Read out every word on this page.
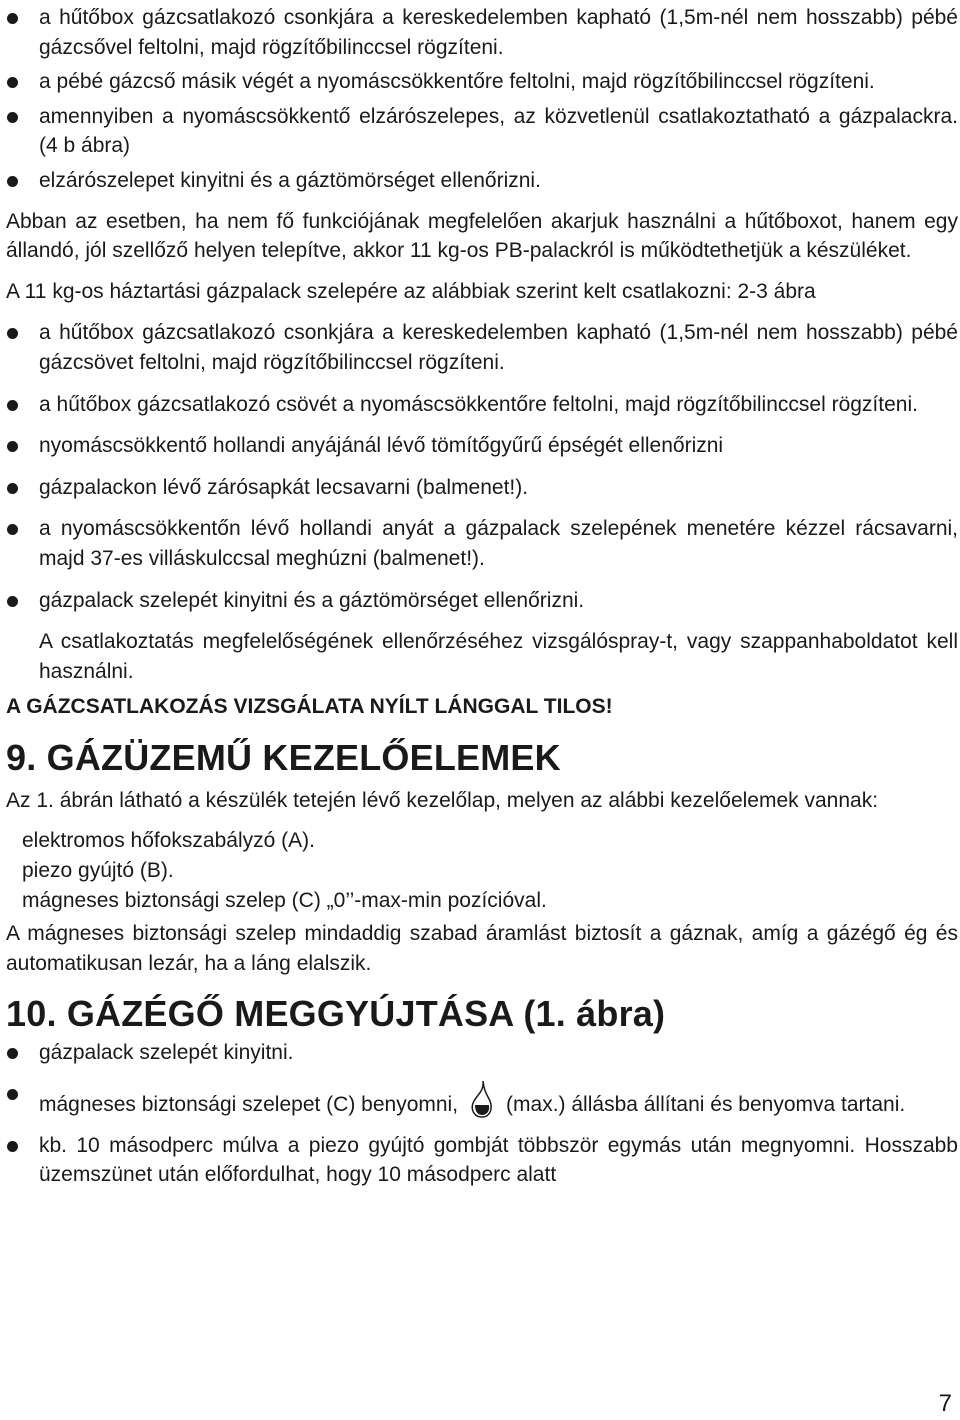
a hűtőbox gázcsatlakozó csonkjára a kereskedelemben kapható (1,5m-nél nem hosszabb) pébé gázcsővel feltolni, majd rögzítőbilinccsel rögzíteni.
a pébé gázcső másik végét a nyomáscsökkentőre feltolni, majd rögzítőbilinccsel rögzíteni.
amennyiben a nyomáscsökkentő elzárószelepes, az közvetlenül csatlakoztatható a gázpalackra. (4 b ábra)
elzárószelepet kinyitni és a gáztömörséget ellenőrizni.

Abban az esetben, ha nem fő funkciójának megfelelően akarjuk használni a hűtőboxot, hanem egy állandó, jól szellőző helyen telepítve, akkor 11 kg-os PB-palackról is működtethetjük a készüléket.

A 11 kg-os háztartási gázpalack szelepére az alábbiak szerint kelt csatlakozni: 2-3 ábra

a hűtőbox gázcsatlakozó csonkjára a kereskedelemben kapható (1,5m-nél nem hosszabb) pébé gázcsövet feltolni, majd rögzítőbilinccsel rögzíteni.
a hűtőbox gázcsatlakozó csövét a nyomáscsökkentőre feltolni, majd rögzítőbilinccsel rögzíteni.
nyomáscsökkentő hollandi anyájánál lévő tömítőgyűrű épségét ellenőrizni
gázpalackon lévő zárósapkát lecsavarni (balmenet!).
a nyomáscsökkentőn lévő hollandi anyát a gázpalack szelepének menetére kézzel rácsavarni, majd 37-es villáskulccsal meghúzni (balmenet!).
gázpalack szelepét kinyitni és a gáztömörséget ellenőrizni.

A csatlakoztatás megfelelőségének ellenőrzéséhez vizsgálóspray-t, vagy szappanhaboldatot kell használni.

A GÁZCSATLAKOZÁS VIZSGÁLATA NYÍLT LÁNGGAL TILOS!
9. GÁZÜZEMŰ KEZELŐELEMEK

Az 1. ábrán látható a készülék tetején lévő kezelőlap, melyen az alábbi kezelőelemek vannak:

elektromos hőfokszabályzó (A).
piezo gyújtó (B).
mágneses biztonsági szelep (C) „0’’-max-min pozícióval.

A mágneses biztonsági szelep mindaddig szabad áramlást biztosít a gáznak, amíg a gázégő ég és automatikusan lezár, ha a láng elalszik.

10. GÁZÉGŐ MEGGYÚJTÁSA (1. ábra)
gázpalack szelepét kinyitni.
mágneses biztonsági szelepet (C) benyomni, (max.) állásba állítani és benyomva tartani.
kb. 10 másodperc múlva a piezo gyújtó gombját többször egymás után megnyomni. Hosszabb üzemszünet után előfordulhat, hogy 10 másodperc alatt
7
